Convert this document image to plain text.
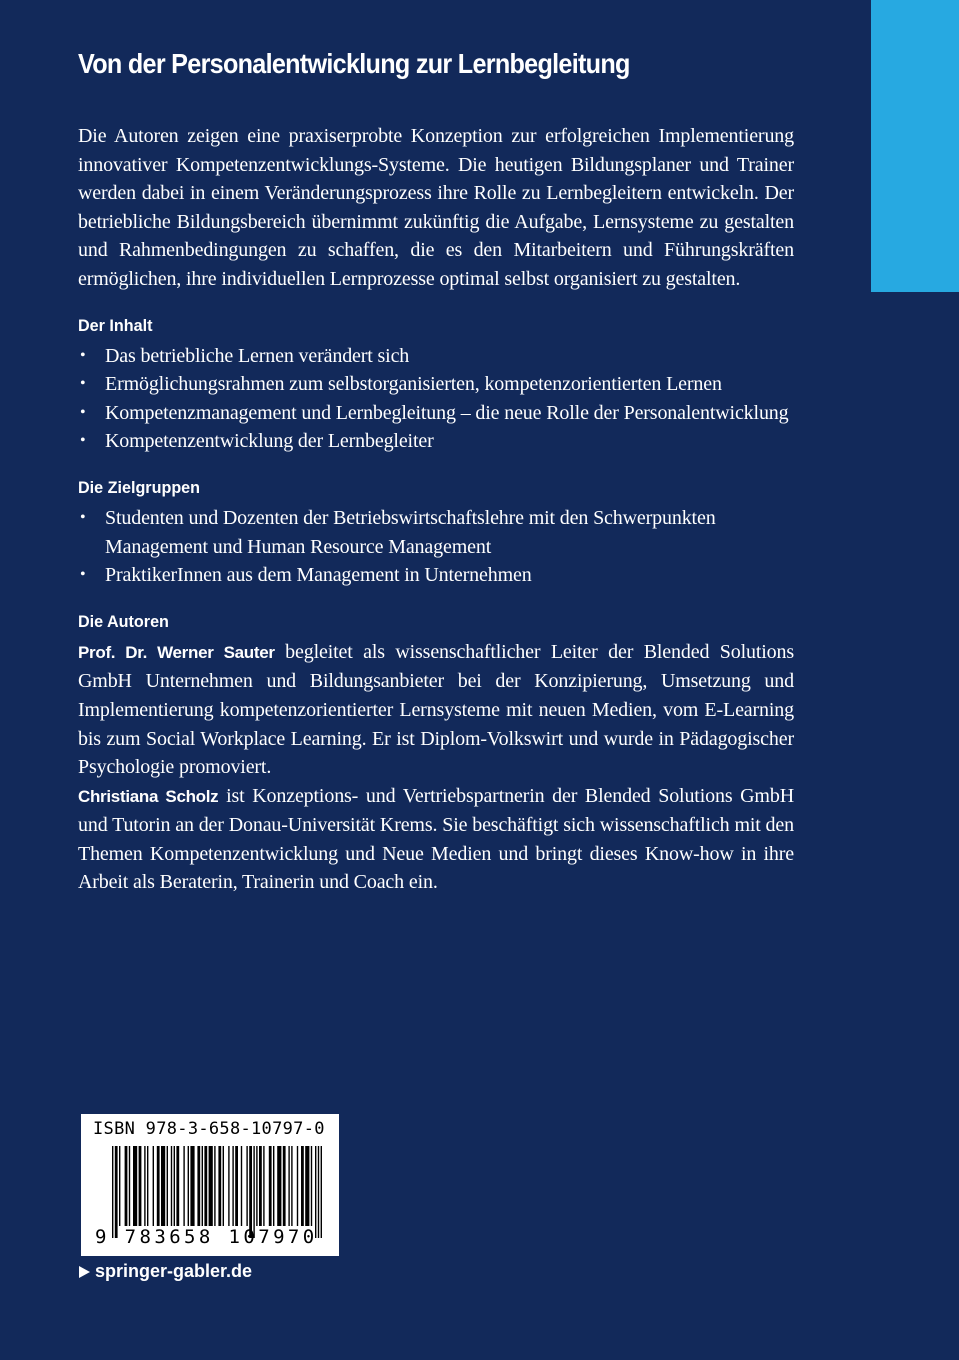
Von der Personalentwicklung zur Lernbegleitung

Die Autoren zeigen eine praxiserprobte Konzeption zur erfolgreichen Implementierung innovativer Kompetenzentwicklungs-Systeme. Die heutigen Bildungsplaner und Trainer werden dabei in einem Veränderungsprozess ihre Rolle zu Lernbegleitern entwickeln. Der betriebliche Bildungsbereich übernimmt zukünftig die Aufgabe, Lernsysteme zu gestalten und Rahmenbedingungen zu schaffen, die es den Mitarbeitern und Führungskräften ermöglichen, ihre individuellen Lernprozesse optimal selbst organisiert zu gestalten.

Der Inhalt
• Das betriebliche Lernen verändert sich
• Ermöglichungsrahmen zum selbstorganisierten, kompetenzorientierten Lernen
• Kompetenzmanagement und Lernbegleitung – die neue Rolle der Personalentwicklung
• Kompetenzentwicklung der Lernbegleiter
Die Zielgruppen
• Studenten und Dozenten der Betriebswirtschaftslehre mit den Schwerpunkten Management und Human Resource Management
• PraktikerInnen aus dem Management in Unternehmen
Die Autoren

Prof. Dr. Werner Sauter begleitet als wissenschaftlicher Leiter der Blended Solutions GmbH Unternehmen und Bildungsanbieter bei der Konzipierung, Umsetzung und Implementierung kompetenzorientierter Lernsysteme mit neuen Medien, vom E-Learning bis zum Social Workplace Learning. Er ist Diplom-Volkswirt und wurde in Pädagogischer Psychologie promoviert.

Christiana Scholz ist Konzeptions- und Vertriebspartnerin der Blended Solutions GmbH und Tutorin an der Donau-Universität Krems. Sie beschäftigt sich wissenschaftlich mit den Themen Kompetenzentwicklung und Neue Medien und bringt dieses Know-how in ihre Arbeit als Beraterin, Trainerin und Coach ein.

ISBN 978-3-658-10797-0
9 783658 107970
springer-gabler.de
